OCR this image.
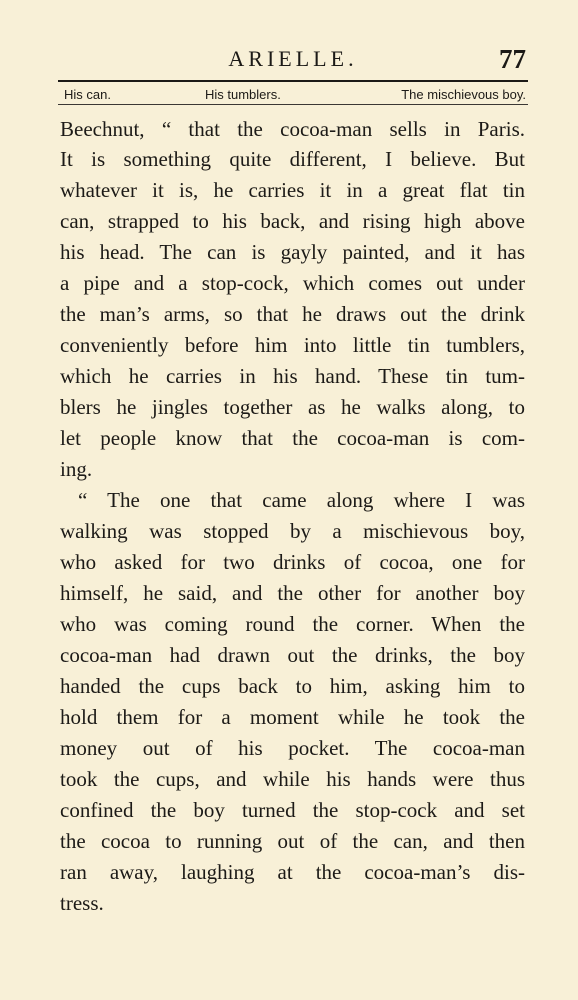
ARIELLE.	77
His can.	His tumblers.	The mischievous boy.
Beechnut, “ that the cocoa-man sells in Paris.
It is something quite different, I believe. But
whatever it is, he carries it in a great flat tin
can, strapped to his back, and rising high above
his head. The can is gayly painted, and it has
a pipe and a stop-cock, which comes out under
the man’s arms, so that he draws out the drink
conveniently before him into little tin tumblers,
which he carries in his hand. These tin tum-
blers he jingles together as he walks along, to
let people know that the cocoa-man is com-
ing.
“ The one that came along where I was
walking was stopped by a mischievous boy,
who asked for two drinks of cocoa, one for
himself, he said, and the other for another boy
who was coming round the corner. When the
cocoa-man had drawn out the drinks, the boy
handed the cups back to him, asking him to
hold them for a moment while he took the
money out of his pocket. The cocoa-man
took the cups, and while his hands were thus
confined the boy turned the stop-cock and set
the cocoa to running out of the can, and then
ran away, laughing at the cocoa-man’s dis-
tress.
